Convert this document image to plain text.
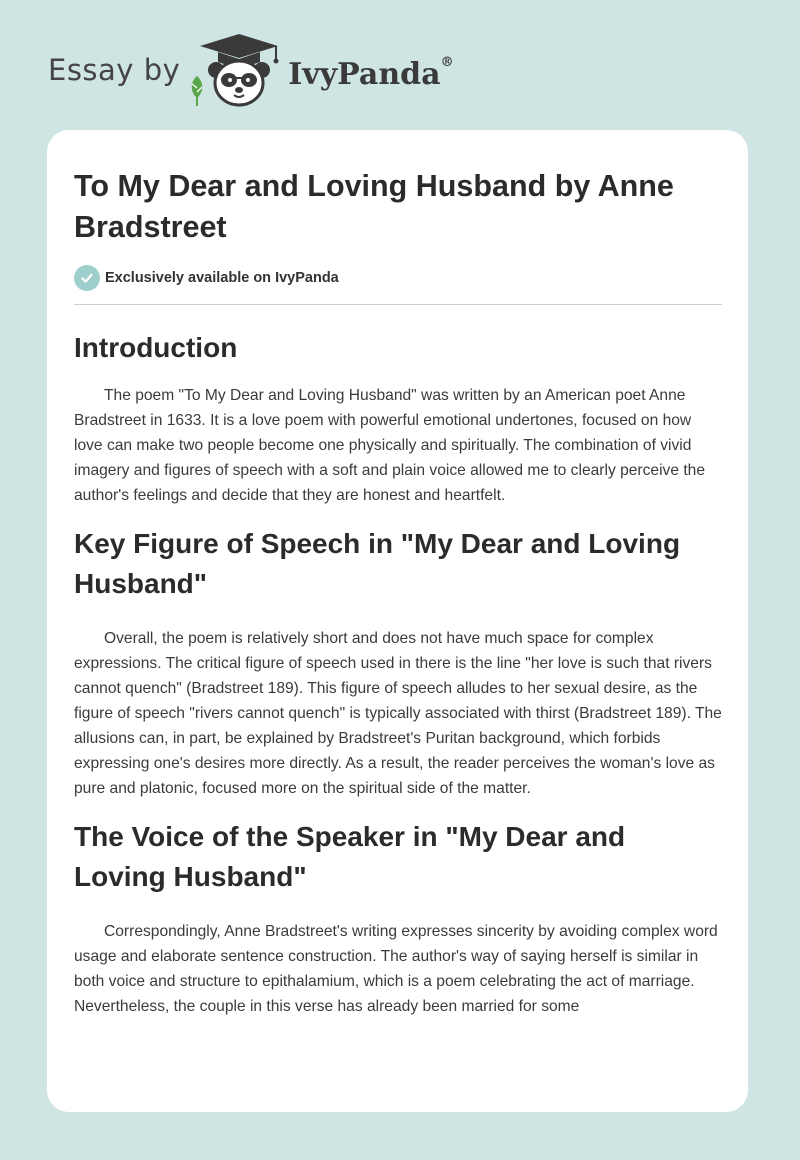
Essay by	IvyPanda®
To My Dear and Loving Husband by Anne Bradstreet
Exclusively available on IvyPanda
Introduction

The poem "To My Dear and Loving Husband" was written by an American poet Anne Bradstreet in 1633. It is a love poem with powerful emotional undertones, focused on how love can make two people become one physically and spiritually. The combination of vivid imagery and figures of speech with a soft and plain voice allowed me to clearly perceive the author's feelings and decide that they are honest and heartfelt.

Key Figure of Speech in "My Dear and Loving Husband"

Overall, the poem is relatively short and does not have much space for complex expressions. The critical figure of speech used in there is the line "her love is such that rivers cannot quench" (Bradstreet 189). This figure of speech alludes to her sexual desire, as the figure of speech "rivers cannot quench" is typically associated with thirst (Bradstreet 189). The allusions can, in part, be explained by Bradstreet's Puritan background, which forbids expressing one's desires more directly. As a result, the reader perceives the woman's love as pure and platonic, focused more on the spiritual side of the matter.

The Voice of the Speaker in "My Dear and Loving Husband"

Correspondingly, Anne Bradstreet's writing expresses sincerity by avoiding complex word usage and elaborate sentence construction. The author's way of saying herself is similar in both voice and structure to epithalamium, which is a poem celebrating the act of marriage. Nevertheless, the couple in this verse has already been married for some
